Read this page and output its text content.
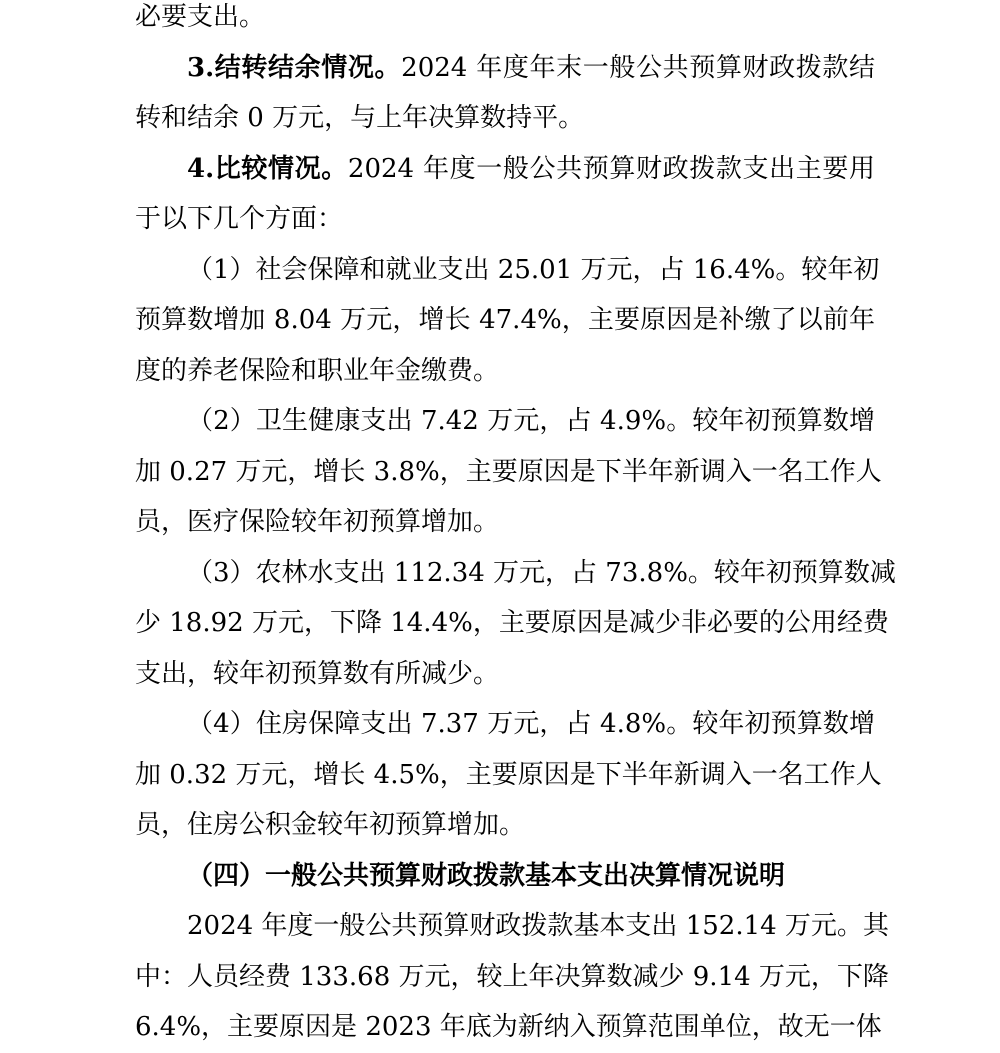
必要支出。
3.结转结余情况。2024 年度年末一般公共预算财政拨款结
转和结余 0 万元，与上年决算数持平。
4.比较情况。2024 年度一般公共预算财政拨款支出主要用
于以下几个方面：
（1）社会保障和就业支出 25.01 万元，占 16.4%。较年初
预算数增加 8.04 万元，增长 47.4%，主要原因是补缴了以前年
度的养老保险和职业年金缴费。
（2）卫生健康支出 7.42 万元，占 4.9%。较年初预算数增
加 0.27 万元，增长 3.8%，主要原因是下半年新调入一名工作人
员，医疗保险较年初预算增加。
（3）农林水支出 112.34 万元，占 73.8%。较年初预算数减
少 18.92 万元，下降 14.4%，主要原因是减少非必要的公用经费
支出，较年初预算数有所减少。
（4）住房保障支出 7.37 万元，占 4.8%。较年初预算数增
加 0.32 万元，增长 4.5%，主要原因是下半年新调入一名工作人
员，住房公积金较年初预算增加。
（四）一般公共预算财政拨款基本支出决算情况说明
2024 年度一般公共预算财政拨款基本支出 152.14 万元。其
中：人员经费 133.68 万元，较上年决算数减少 9.14 万元，下降
6.4%，主要原因是 2023 年底为新纳入预算范围单位，故无一体
